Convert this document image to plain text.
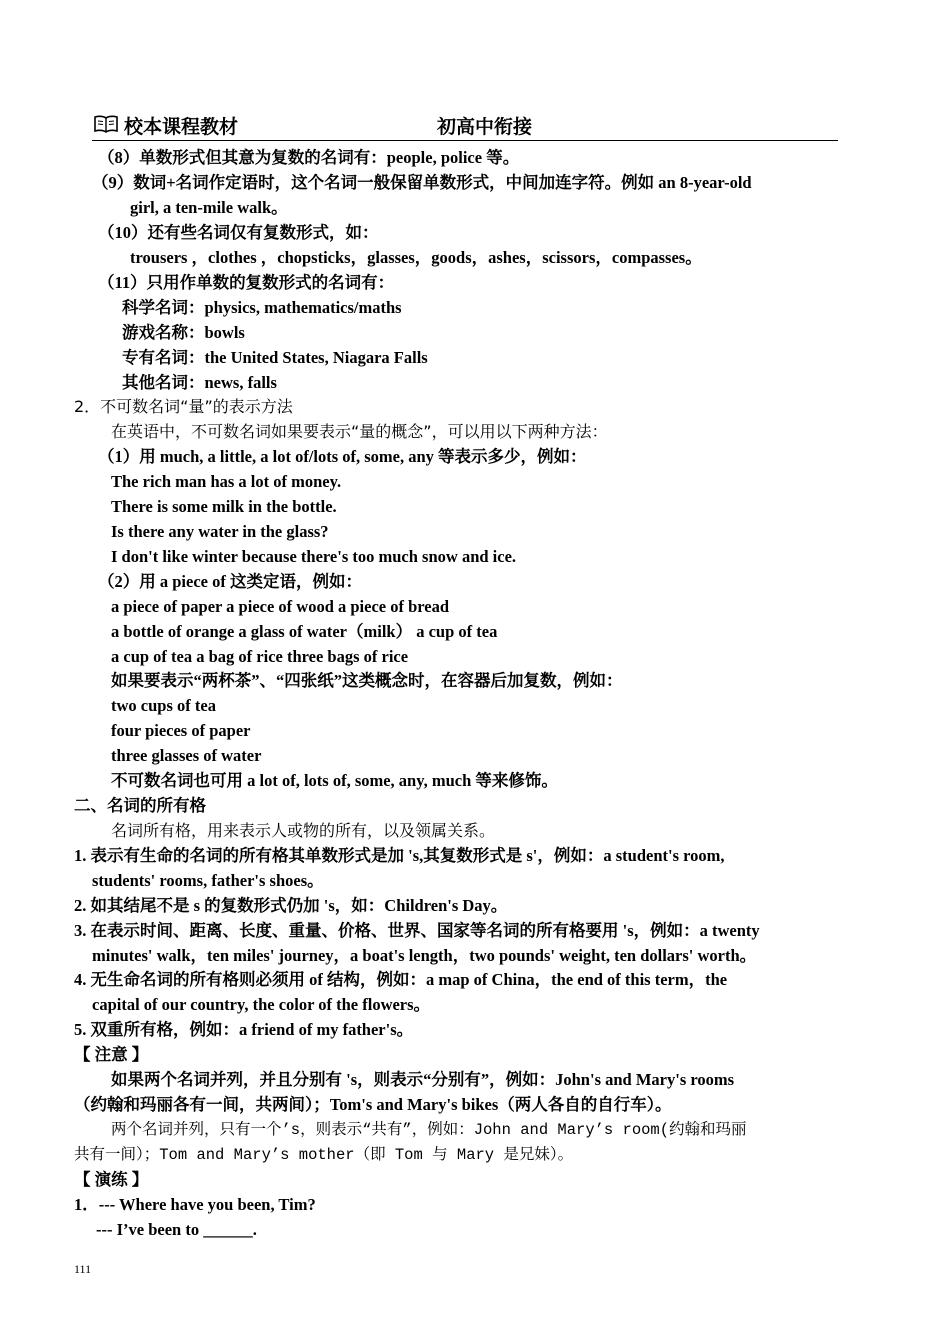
校本课程教材	初高中衔接
（8）单数形式但其意为复数的名词有：people, police 等。
（9）数词+名词作定语时，这个名词一般保留单数形式，中间加连字符。例如 an 8-year-old
girl, a ten-mile walk。
（10）还有些名词仅有复数形式，如：
trousers ，clothes ，chopsticks，glasses，goods，ashes，scissors，compasses。
（11）只用作单数的复数形式的名词有：
科学名词：physics, mathematics/maths
游戏名称：bowls
专有名词：the United States, Niagara Falls
其他名词：news, falls
2．不可数名词“量”的表示方法
在英语中，不可数名词如果要表示“量的概念”，可以用以下两种方法：
（1）用 much, a little, a lot of/lots of, some, any 等表示多少，例如：
The rich man has a lot of money.
There is some milk in the bottle.
Is there any water in the glass?
I don't like winter because there's too much snow and ice.
（2）用 a piece of 这类定语，例如：
a piece of paper a piece of wood a piece of bread
a bottle of orange a glass of water（milk） a cup of tea
a cup of tea a bag of rice three bags of rice
如果要表示“两杯茶”、“四张纸”这类概念时，在容器后加复数，例如：
two cups of tea
four pieces of paper
three glasses of water
不可数名词也可用 a lot of, lots of, some, any, much 等来修饰。
二、名词的所有格
名词所有格，用来表示人或物的所有，以及领属关系。
1. 表示有生命的名词的所有格其单数形式是加 's,其复数形式是 s'，例如：a student's room,
students' rooms, father's shoes。
2. 如其结尾不是 s 的复数形式仍加 's，如：Children's Day。
3. 在表示时间、距离、长度、重量、价格、世界、国家等名词的所有格要用 's，例如：a twenty
minutes' walk，ten miles' journey，a boat's length，two pounds' weight, ten dollars' worth。
4. 无生命名词的所有格则必须用 of 结构，例如：a map of China，the end of this term，the
capital of our country, the color of the flowers。
5. 双重所有格，例如：a friend of my father's。
【 注意 】
如果两个名词并列，并且分别有 's，则表示“分别有”，例如：John's and Mary's rooms
（约翰和玛丽各有一间，共两间）；Tom's and Mary's bikes（两人各自的自行车）。
两个名词并列，只有一个’s，则表示“共有”，例如：John and Mary’s room(约翰和玛丽
共有一间）；Tom and Mary’s mother（即 Tom 与 Mary 是兄妹）。
【 演练 】
1．--- Where have you been, Tim?
--- I’ve been to ______.
111
